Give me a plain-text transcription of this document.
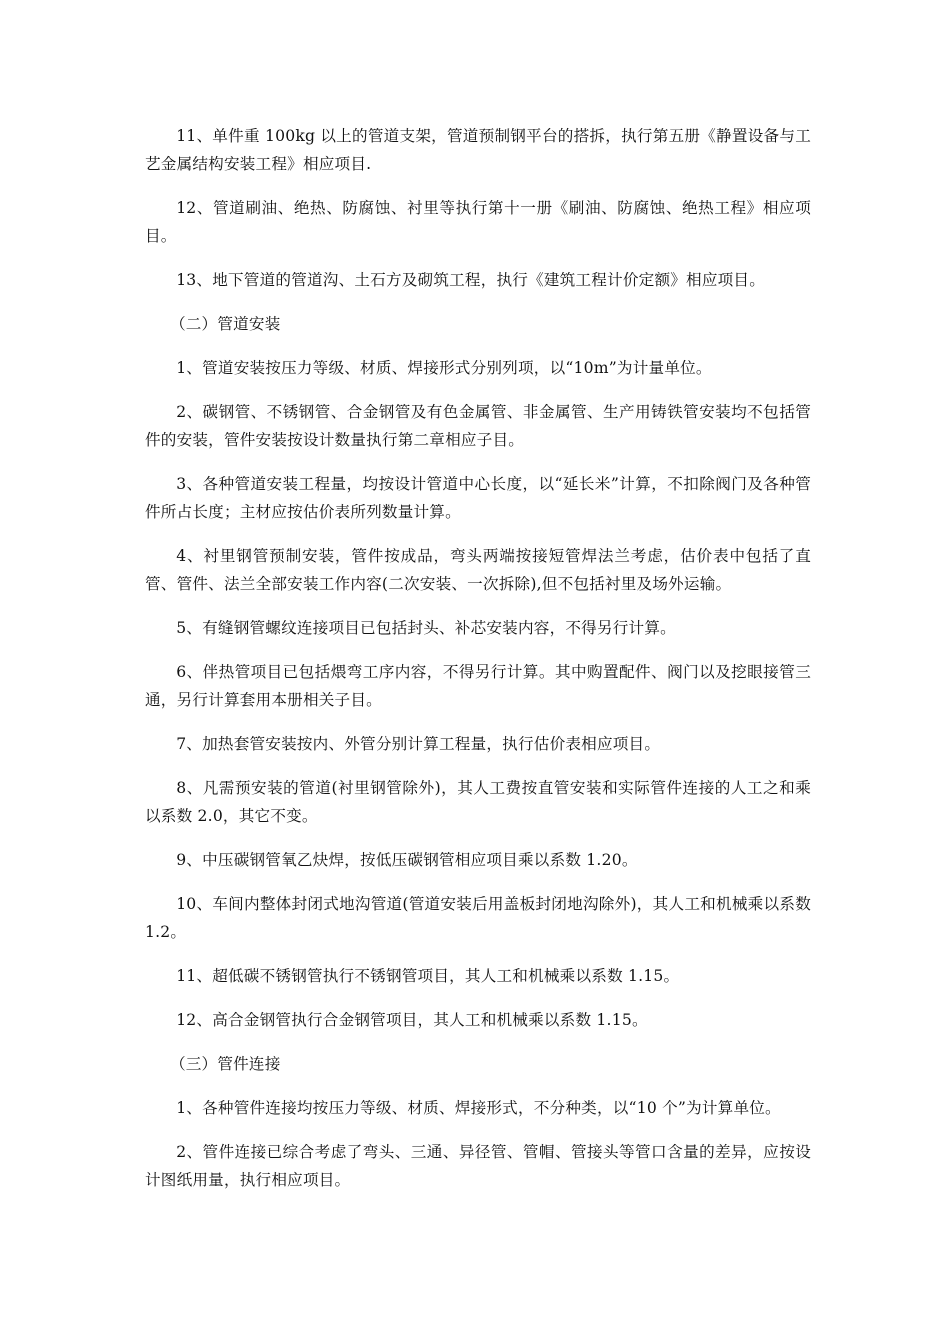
11、单件重 100kg 以上的管道支架，管道预制钢平台的搭拆，执行第五册《静置设备与工艺金属结构安装工程》相应项目.

12、管道刷油、绝热、防腐蚀、衬里等执行第十一册《刷油、防腐蚀、绝热工程》相应项目。

13、地下管道的管道沟、土石方及砌筑工程，执行《建筑工程计价定额》相应项目。

（二）管道安装

1、管道安装按压力等级、材质、焊接形式分别列项，以“10m”为计量单位。

2、碳钢管、不锈钢管、合金钢管及有色金属管、非金属管、生产用铸铁管安装均不包括管件的安装，管件安装按设计数量执行第二章相应子目。

3、各种管道安装工程量，均按设计管道中心长度，以“延长米”计算，不扣除阀门及各种管件所占长度；主材应按估价表所列数量计算。

4、衬里钢管预制安装，管件按成品，弯头两端按接短管焊法兰考虑，估价表中包括了直管、管件、法兰全部安装工作内容(二次安装、一次拆除),但不包括衬里及场外运输。

5、有缝钢管螺纹连接项目已包括封头、补芯安装内容，不得另行计算。

6、伴热管项目已包括煨弯工序内容，不得另行计算。其中购置配件、阀门以及挖眼接管三通，另行计算套用本册相关子目。

7、加热套管安装按内、外管分别计算工程量，执行估价表相应项目。

8、凡需预安装的管道(衬里钢管除外)，其人工费按直管安装和实际管件连接的人工之和乘以系数 2.0，其它不变。

9、中压碳钢管氧乙炔焊，按低压碳钢管相应项目乘以系数 1.20。

10、车间内整体封闭式地沟管道(管道安装后用盖板封闭地沟除外)，其人工和机械乘以系数 1.2。

11、超低碳不锈钢管执行不锈钢管项目，其人工和机械乘以系数 1.15。

12、高合金钢管执行合金钢管项目，其人工和机械乘以系数 1.15。

（三）管件连接

1、各种管件连接均按压力等级、材质、焊接形式，不分种类，以“10 个”为计算单位。

2、管件连接已综合考虑了弯头、三通、异径管、管帽、管接头等管口含量的差异，应按设计图纸用量，执行相应项目。
